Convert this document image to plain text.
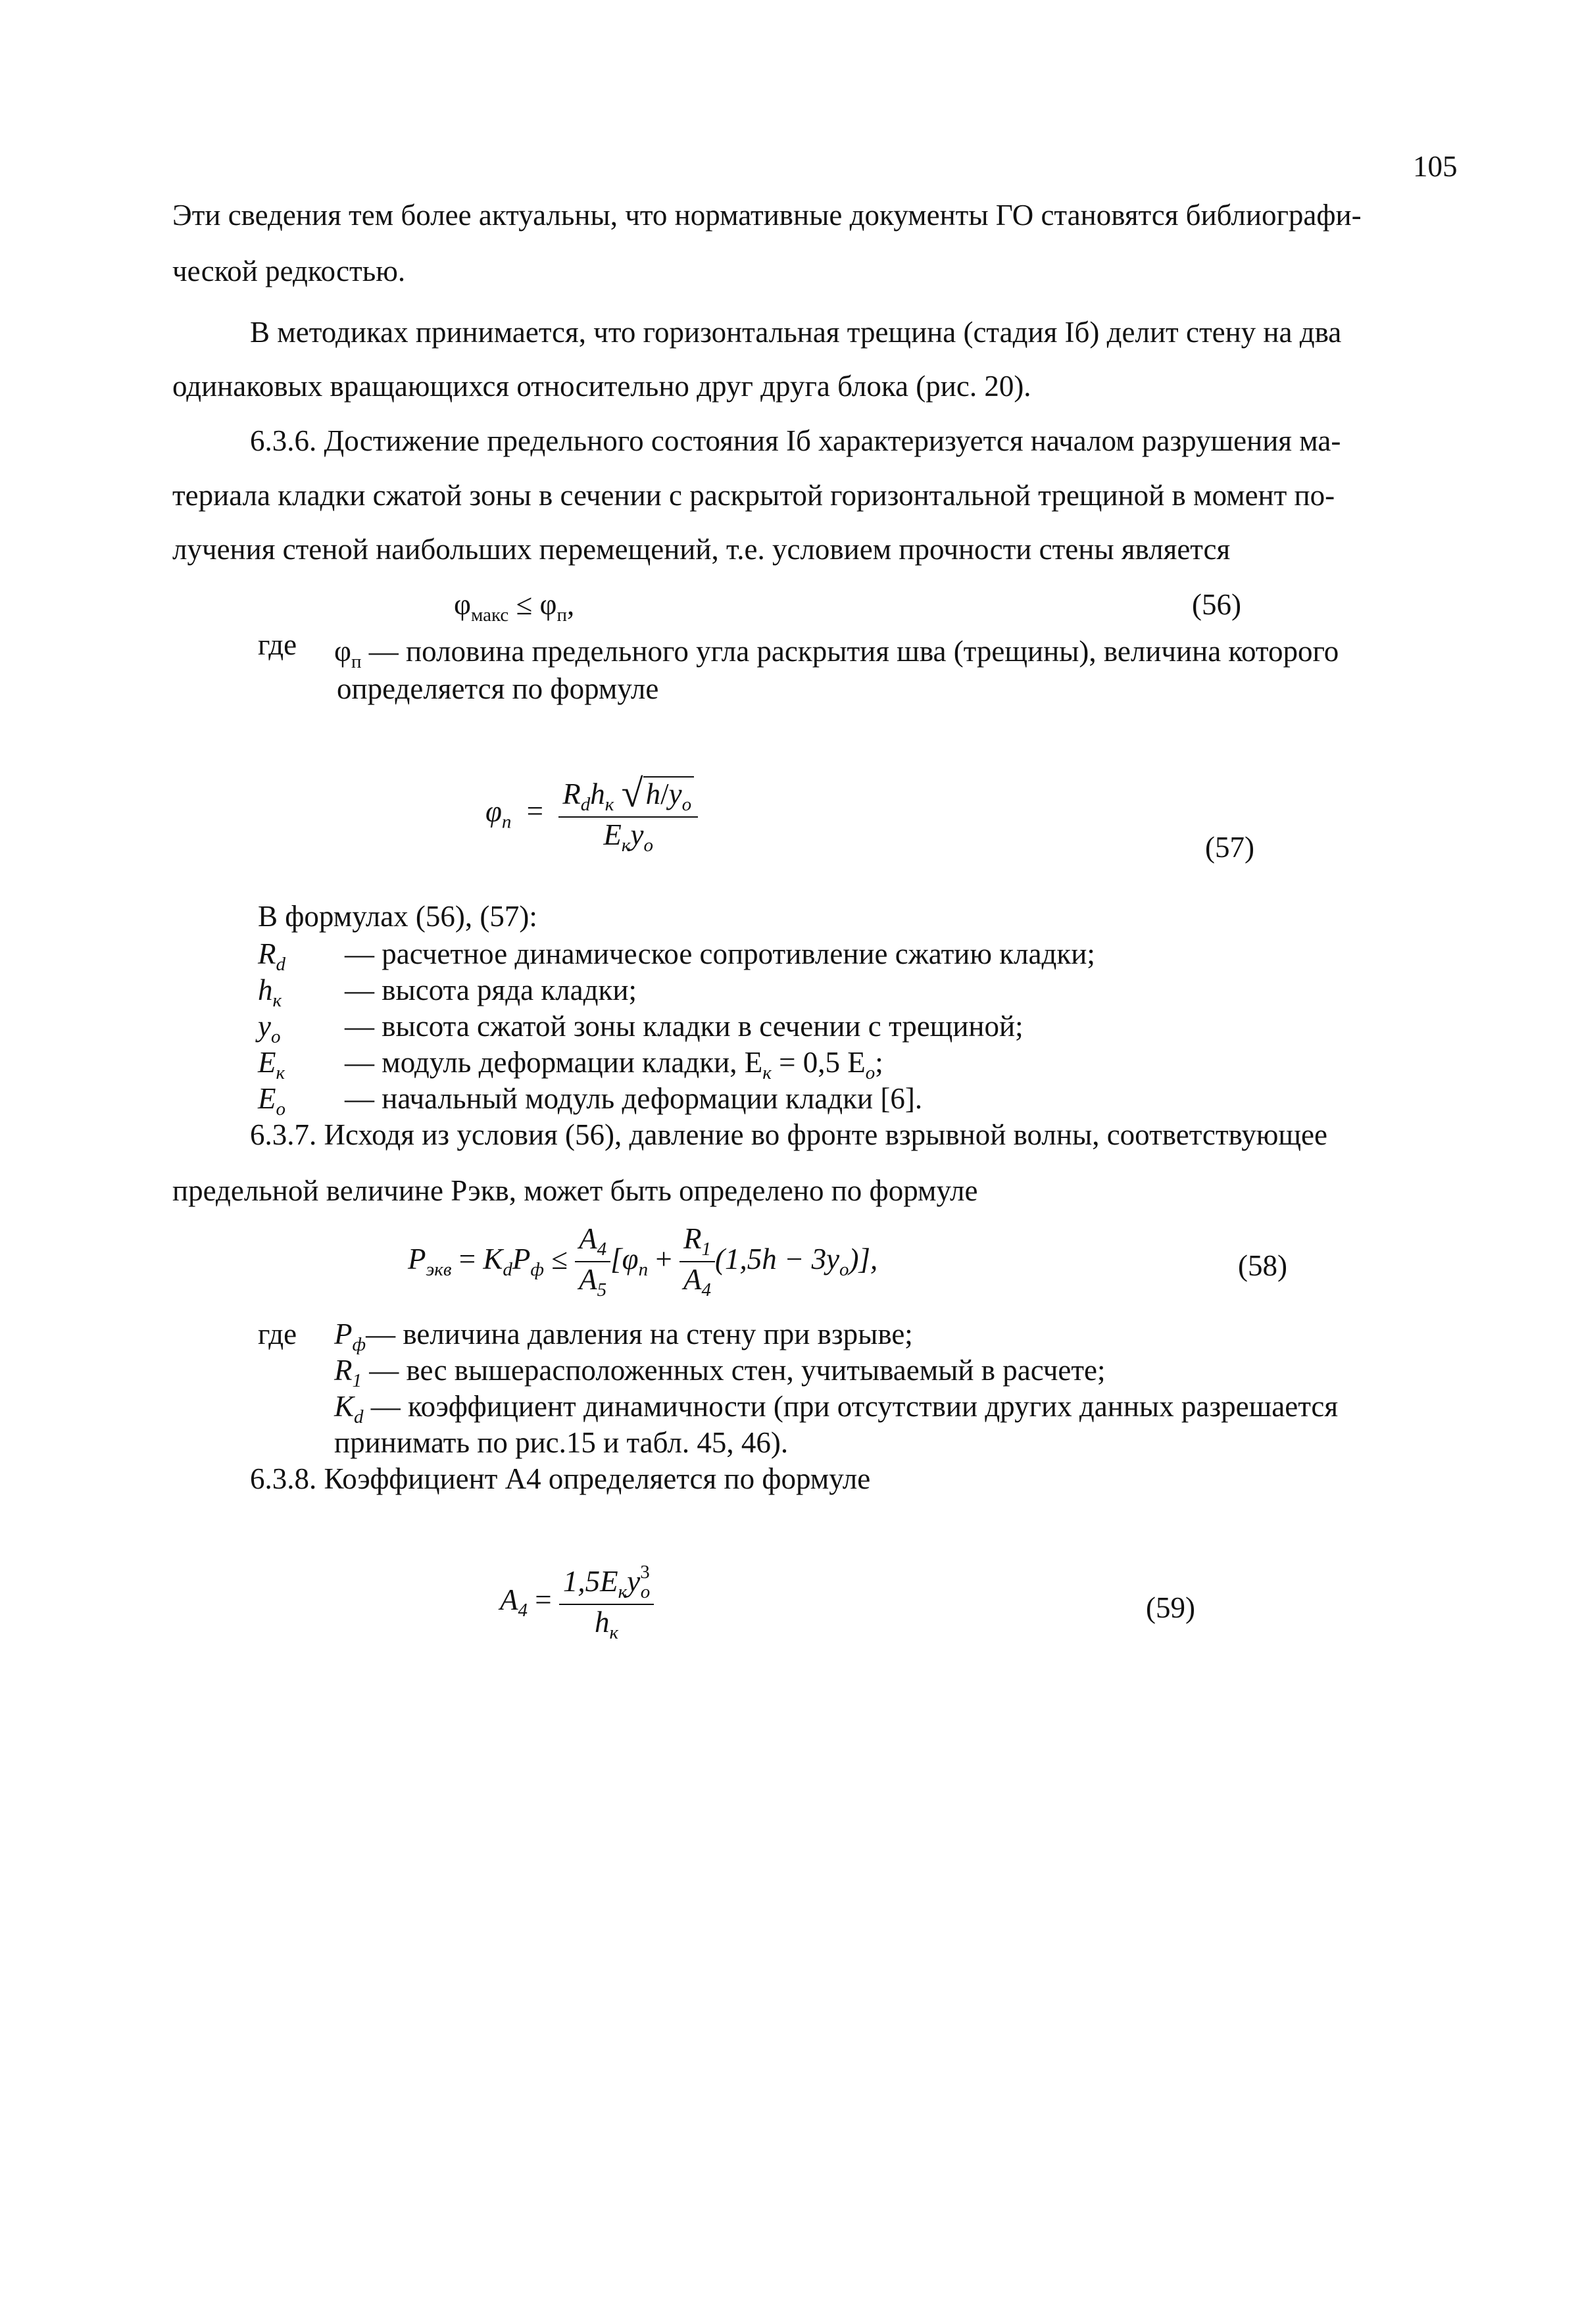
105
Эти сведения тем более актуальны, что нормативные документы ГО становятся библиографи-
ческой редкостью.
В методиках принимается, что горизонтальная трещина (стадия Iб) делит стену на два
одинаковых вращающихся относительно друг друга блока (рис. 20).
6.3.6. Достижение предельного состояния Iб характеризуется началом разрушения ма-
териала кладки сжатой зоны в сечении с раскрытой горизонтальной трещиной в момент по-
лучения стеной наибольших перемещений, т.е. условием прочности стены является
$\varphi_{макс} \le \varphi_п$,	(56)
где $\varphi_п$ — половина предельного угла раскрытия шва (трещины), величина которого
определяется по формуле
$\varphi_п = \frac{R_dh_к √h/y_o}{E_кy_o}$	(57)
В формулах (56), (57):
$R_d$ — расчетное динамическое сопротивление сжатию кладки;
$h_к$ — высота ряда кладки;
$y_o$ — высота сжатой зоны кладки в сечении с трещиной;
$E_к$ — модуль деформации кладки, $E_к = 0,5$ $E_o$;
$E_o$ — начальный модуль деформации кладки [6].
6.3.7. Исходя из условия (56), давление во фронте взрывной волны, соответствующее
предельной величине Рэкв, может быть определено по формуле
$P_{экв} = K_dP_ф \le \frac{A_4}{A_5} [\varphi_п + \frac{R_1}{A_4} (1,5h - 3y_o)]$,	(58)
где $P_ф—$ величина давления на стену при взрыве;
$R_1$ — вес вышерасположенных стен, учитываемый в расчете;
$K_d$ — коэффициент динамичности (при отсутствии других данных разрешается
принимать по рис.15 и табл. 45, 46).
6.3.8. Коэффициент А4 определяется по формуле
$A_4 = \frac{1,5E_кy^3_o}{h_к}$	(59)
